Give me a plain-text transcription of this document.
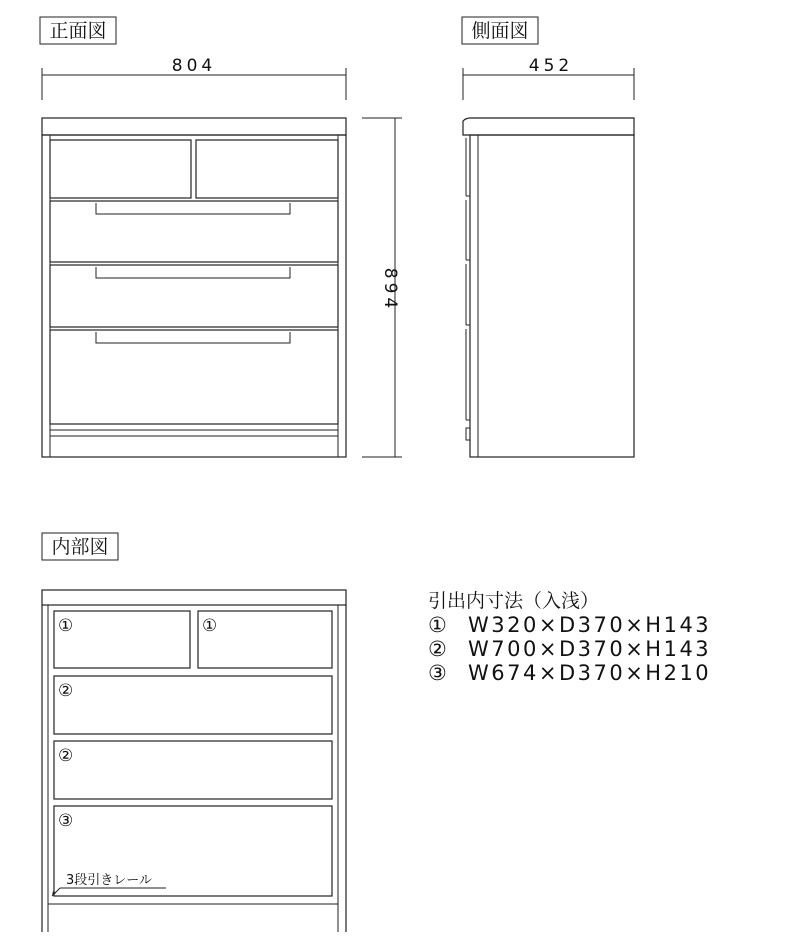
正面図
804
894
側面図
452
内部図
①	①
②
②
③
3段引きレール
引出内寸法（入浅）
① W320×D370×H143
② W700×D370×H143
③ W674×D370×H210
